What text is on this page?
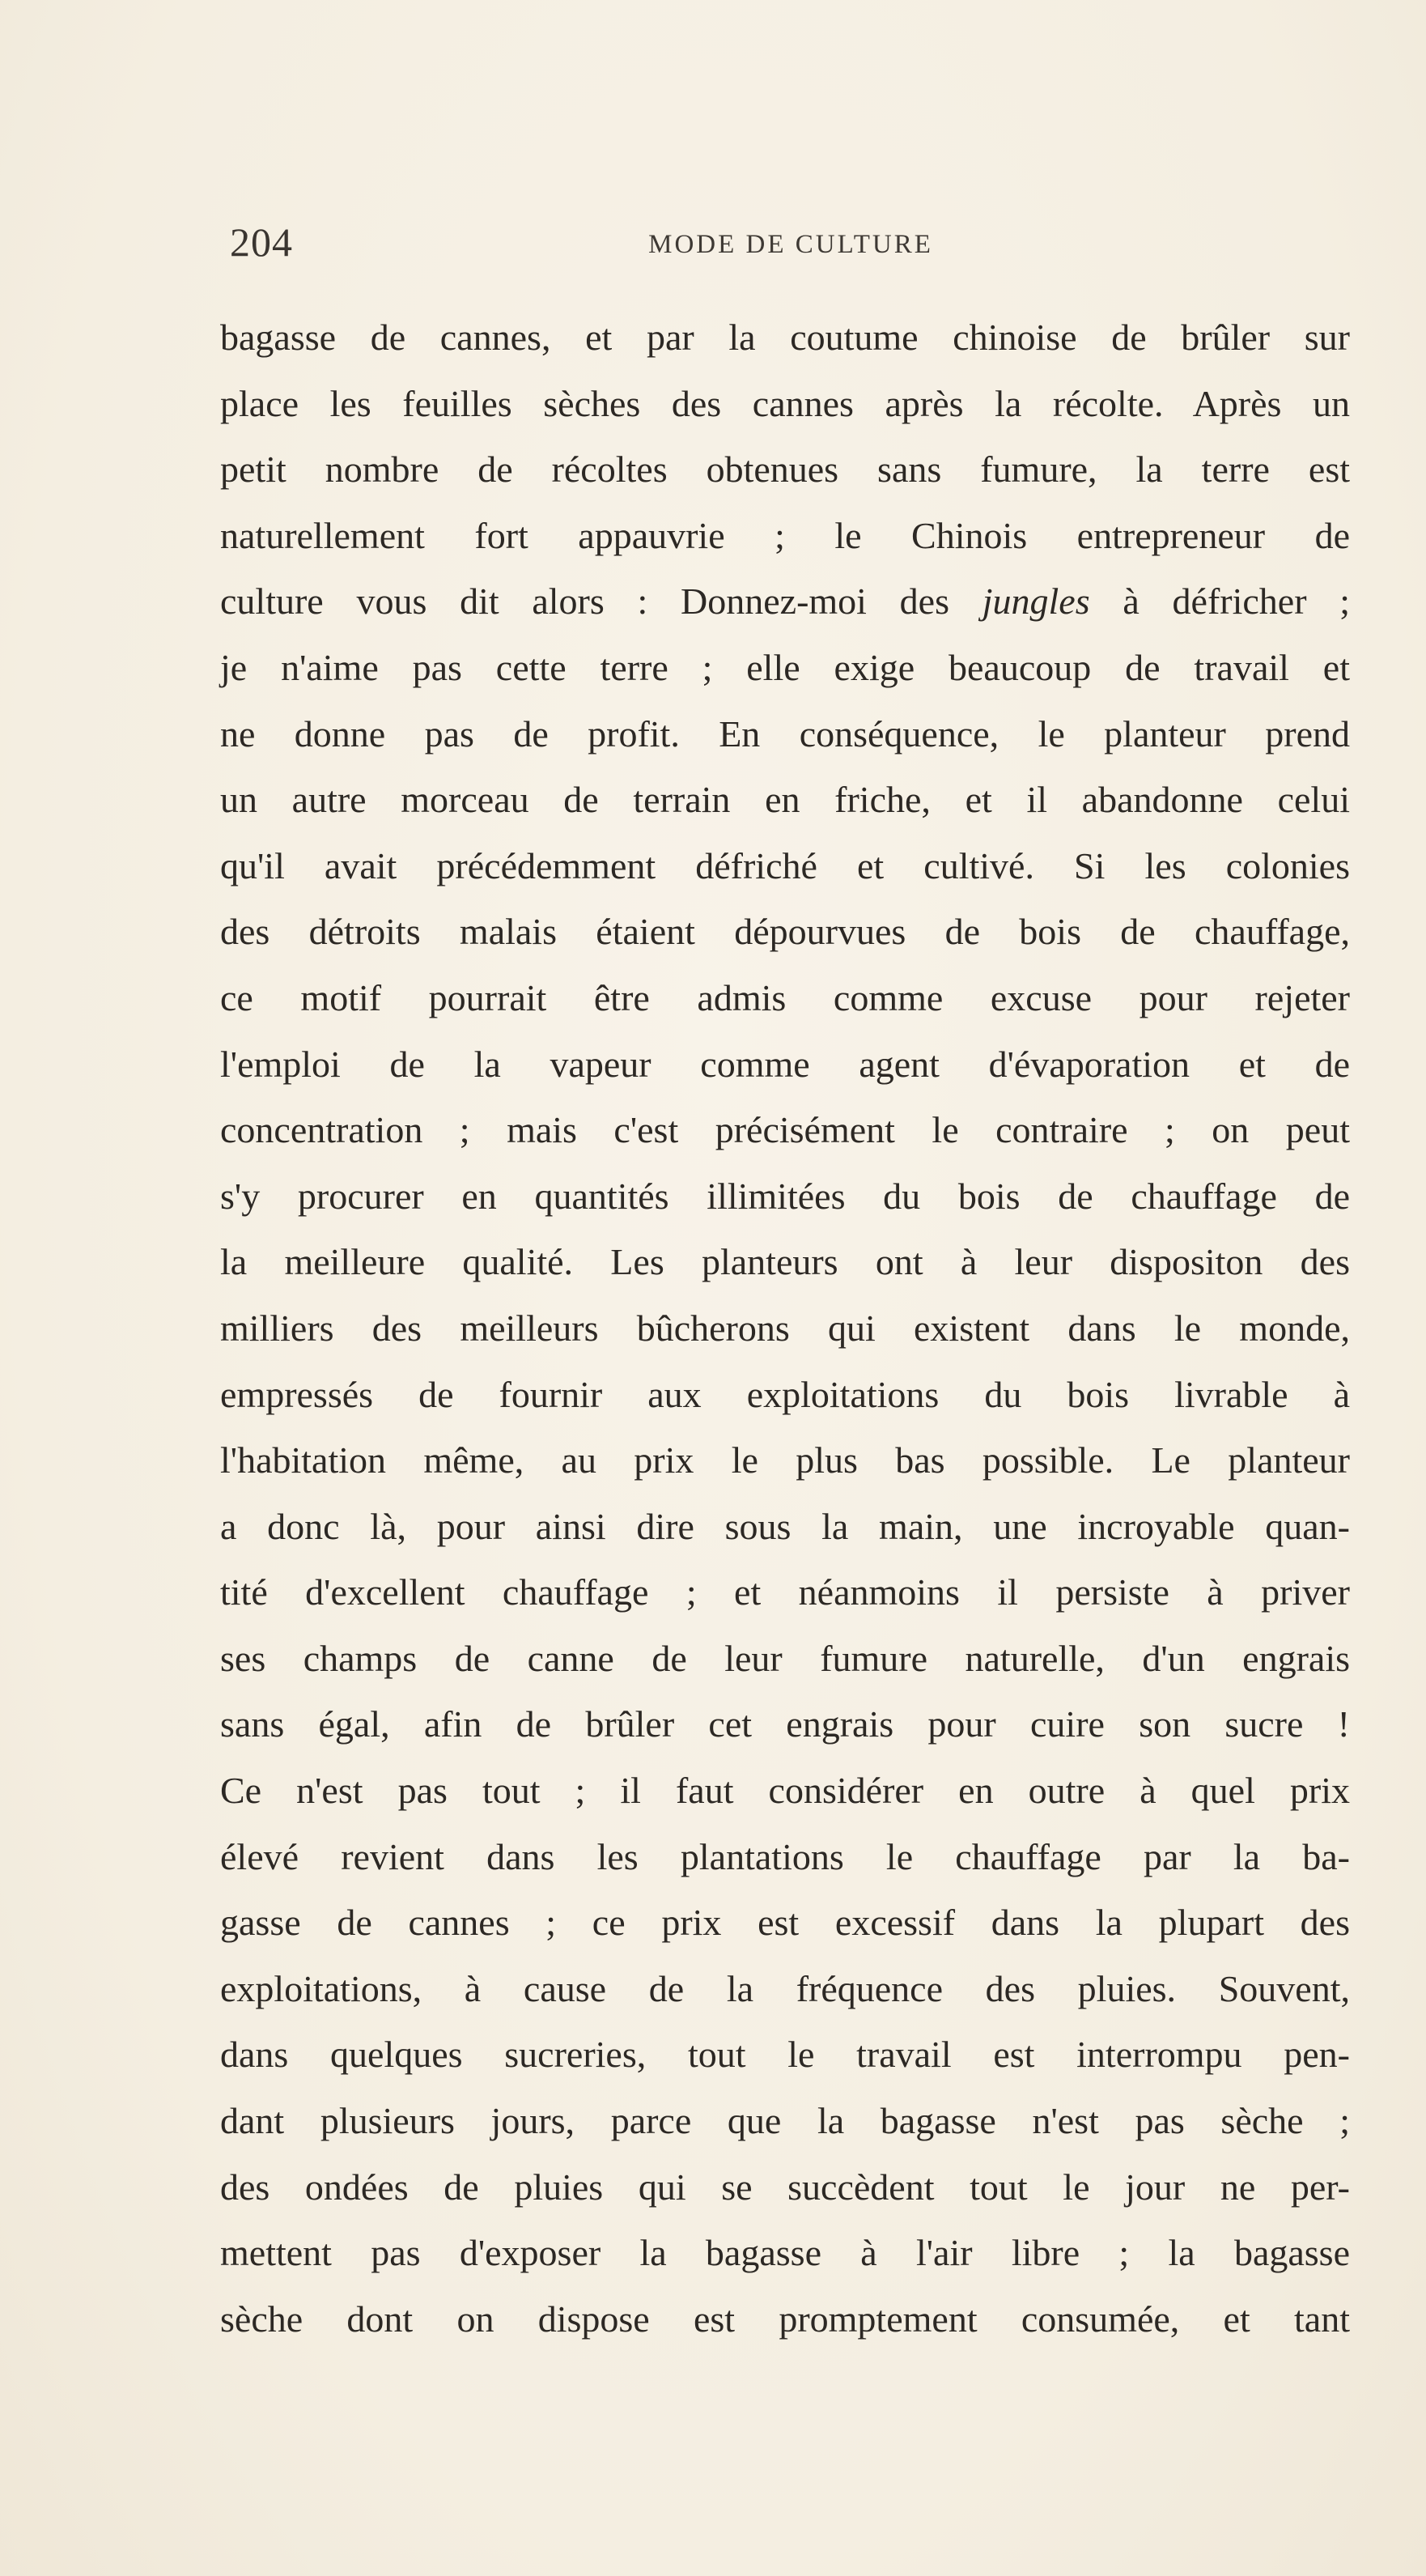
204	MODE DE CULTURE
bagasse de cannes, et par la coutume chinoise de brûler sur
place les feuilles sèches des cannes après la récolte. Après un
petit nombre de récoltes obtenues sans fumure, la terre est
naturellement fort appauvrie ; le Chinois entrepreneur de
culture vous dit alors : Donnez-moi des jungles à défricher ;
je n'aime pas cette terre ; elle exige beaucoup de travail et
ne donne pas de profit. En conséquence, le planteur prend
un autre morceau de terrain en friche, et il abandonne celui
qu'il avait précédemment défriché et cultivé. Si les colonies
des détroits malais étaient dépourvues de bois de chauffage,
ce motif pourrait être admis comme excuse pour rejeter
l'emploi de la vapeur comme agent d'évaporation et de
concentration ; mais c'est précisément le contraire ; on peut
s'y procurer en quantités illimitées du bois de chauffage de
la meilleure qualité. Les planteurs ont à leur dispositon des
milliers des meilleurs bûcherons qui existent dans le monde,
empressés de fournir aux exploitations du bois livrable à
l'habitation même, au prix le plus bas possible. Le planteur
a donc là, pour ainsi dire sous la main, une incroyable quan-
tité d'excellent chauffage ; et néanmoins il persiste à priver
ses champs de canne de leur fumure naturelle, d'un engrais
sans égal, afin de brûler cet engrais pour cuire son sucre !
Ce n'est pas tout ; il faut considérer en outre à quel prix
élevé revient dans les plantations le chauffage par la ba-
gasse de cannes ; ce prix est excessif dans la plupart des
exploitations, à cause de la fréquence des pluies. Souvent,
dans quelques sucreries, tout le travail est interrompu pen-
dant plusieurs jours, parce que la bagasse n'est pas sèche ;
des ondées de pluies qui se succèdent tout le jour ne per-
mettent pas d'exposer la bagasse à l'air libre ; la bagasse
sèche dont on dispose est promptement consumée, et tant
